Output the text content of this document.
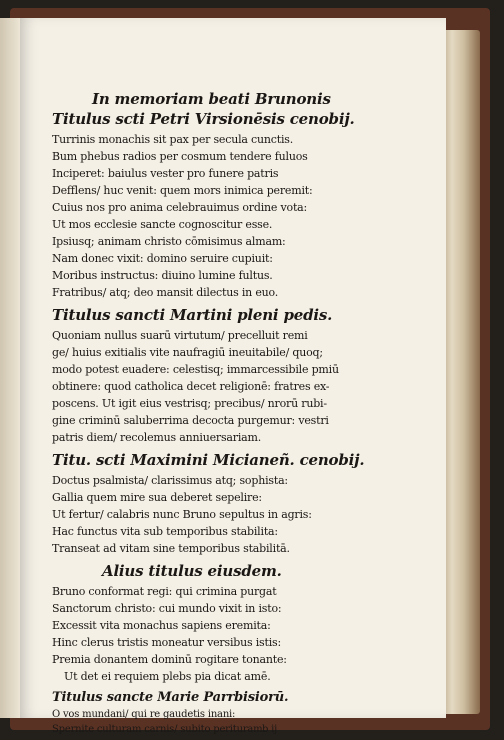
In memoriam beati Brunonis
Titulus scti Petri Virsionēsis cenobij.
Turrinis monachis sit pax per secula cunctis.
Bum phebus radios per cosmum tendere fuluos
Inciperet: baiulus vester pro funere patris
Defflens/ huc venit: quem mors inimica peremit:
Cuius nos pro anima celebrauimus ordine vota:
Ut mos ecclesie sancte cognoscitur esse.
Ipsiusq; animam christo cōmisimus almam:
Nam donec vixit: domino seruire cupiuit:
Moribus instructus: diuino lumine fultus.
Fratribus/ atq; deo mansit dilectus in euo.
Titulus sancti Martini pleni pedis.
Quoniam nullus suarū virtutum/ precelluit remi
ge/ huius exitialis vite naufragiū ineuitabile/ quoq;
modo potest euadere: celestisq; immarcessibile pmiū
obtinere: quod catholica decet religionē: fratres ex-
poscens. Ut igit eius vestrisq; precibus/ nrorū rubi-
gine criminū saluberrima decocta purgemur: vestri
patris diem/ recolemus anniuersariam.
Titu. scti Maximini Micianeñ. cenobij.
Doctus psalmista/ clarissimus atq; sophista:
Gallia quem mire sua deberet sepelire:
Ut fertur/ calabris nunc Bruno sepultus in agris:
Hac functus vita sub temporibus stabilita:
Transeat ad vitam sine temporibus stabilitā.
Alius titulus eiusdem.
Bruno conformat regi: qui crimina purgat
Sanctorum christo: cui mundo vixit in isto:
Excessit vita monachus sapiens eremita:
Hinc clerus tristis moneatur versibus istis:
Premia donantem dominū rogitare tonante:
Ut det ei requiem plebs pia dicat amē.
Titulus sancte Marie Parrbisiorū.
O vos mundani/ qui re gaudetis inani:
Spernite culturam carnis/ subito perituram.
b ij
